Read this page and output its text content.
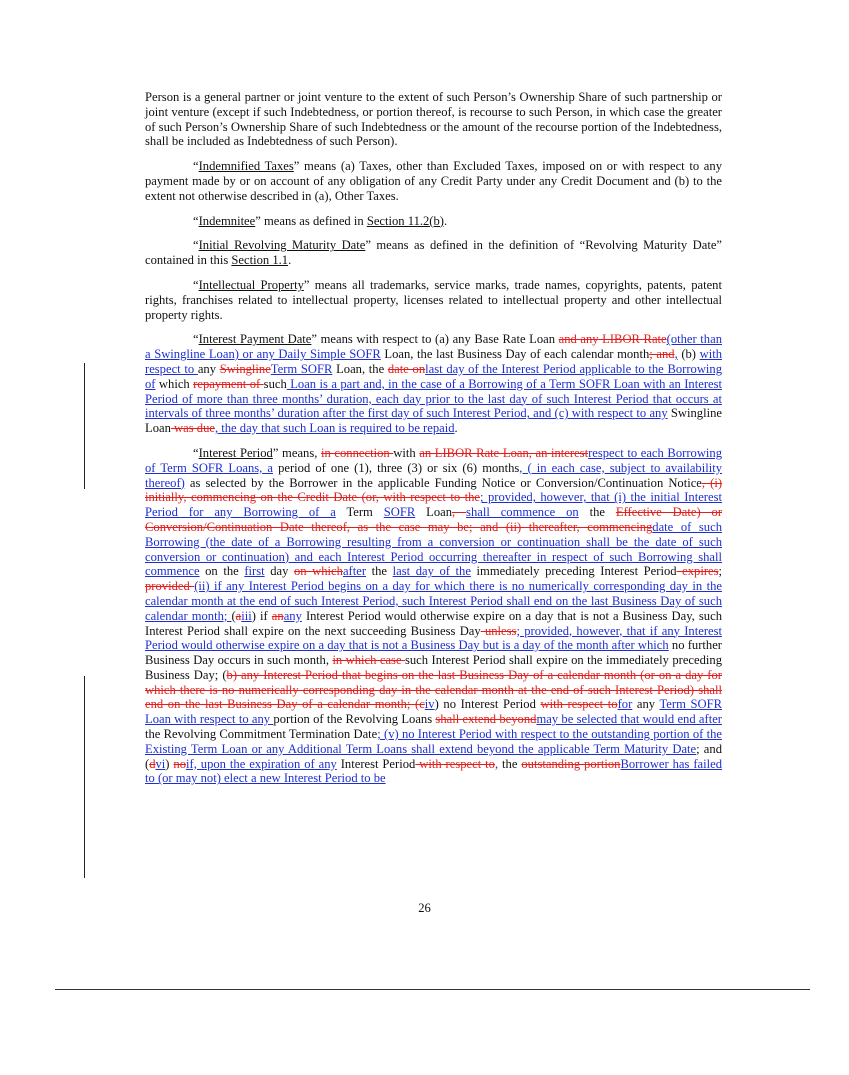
Person is a general partner or joint venture to the extent of such Person’s Ownership Share of such partnership or joint venture (except if such Indebtedness, or portion thereof, is recourse to such Person, in which case the greater of such Person’s Ownership Share of such Indebtedness or the amount of the recourse portion of the Indebtedness, shall be included as Indebtedness of such Person).

“Indemnified Taxes” means (a) Taxes, other than Excluded Taxes, imposed on or with respect to any payment made by or on account of any obligation of any Credit Party under any Credit Document and (b) to the extent not otherwise described in (a), Other Taxes.

“Indemnitee” means as defined in Section 11.2(b).

“Initial Revolving Maturity Date” means as defined in the definition of “Revolving Maturity Date” contained in this Section 1.1.

“Intellectual Property” means all trademarks, service marks, trade names, copyrights, patents, patent rights, franchises related to intellectual property, licenses related to intellectual property and other intellectual property rights.

“Interest Payment Date” means with respect to (a) any Base Rate Loan and any LIBOR Rate(other than a Swingline Loan) or any Daily Simple SOFR Loan, the last Business Day of each calendar month; and, (b) with respect to any SwinglineTerm SOFR Loan, the date onlast day of the Interest Period applicable to the Borrowing of which repayment of such Loan is a part and, in the case of a Borrowing of a Term SOFR Loan with an Interest Period of more than three months’ duration, each day prior to the last day of such Interest Period that occurs at intervals of three months’ duration after the first day of such Interest Period, and (c) with respect to any Swingline Loan was due, the day that such Loan is required to be repaid.

“Interest Period” means, in connection with an LIBOR Rate Loan, an interestrespect to each Borrowing of Term SOFR Loans, a period of one (1), three (3) or six (6) months, ( in each case, subject to availability thereof) as selected by the Borrower in the applicable Funding Notice or Conversion/Continuation Notice, (i) initially, commencing on the Credit Date (or, with respect to the; provided, however, that (i) the initial Interest Period for any Borrowing of a Term SOFR Loan, shall commence on the Effective Date) or Conversion/Continuation Date thereof, as the case may be; and (ii) thereafter, commencingdate of such Borrowing (the date of a Borrowing resulting from a conversion or continuation shall be the date of such conversion or continuation) and each Interest Period occurring thereafter in respect of such Borrowing shall commence on the first day on whichafter the last day of the immediately preceding Interest Period expires; provided (ii) if any Interest Period begins on a day for which there is no numerically corresponding day in the calendar month at the end of such Interest Period, such Interest Period shall end on the last Business Day of such calendar month; (aiii) if anany Interest Period would otherwise expire on a day that is not a Business Day, such Interest Period shall expire on the next succeeding Business Day unless; provided, however, that if any Interest Period would otherwise expire on a day that is not a Business Day but is a day of the month after which no further Business Day occurs in such month, in which case such Interest Period shall expire on the immediately preceding Business Day; (b) any Interest Period that begins on the last Business Day of a calendar month (or on a day for which there is no numerically corresponding day in the calendar month at the end of such Interest Period) shall end on the last Business Day of a calendar month; (civ) no Interest Period with respect tofor any Term SOFR Loan with respect to any portion of the Revolving Loans shall extend beyondmay be selected that would end after the Revolving Commitment Termination Date; (v) no Interest Period with respect to the outstanding portion of the Existing Term Loan or any Additional Term Loans shall extend beyond the applicable Term Maturity Date; and (dvi) noif, upon the expiration of any Interest Period with respect to, the outstanding portionBorrower has failed to (or may not) elect a new Interest Period to be

26
